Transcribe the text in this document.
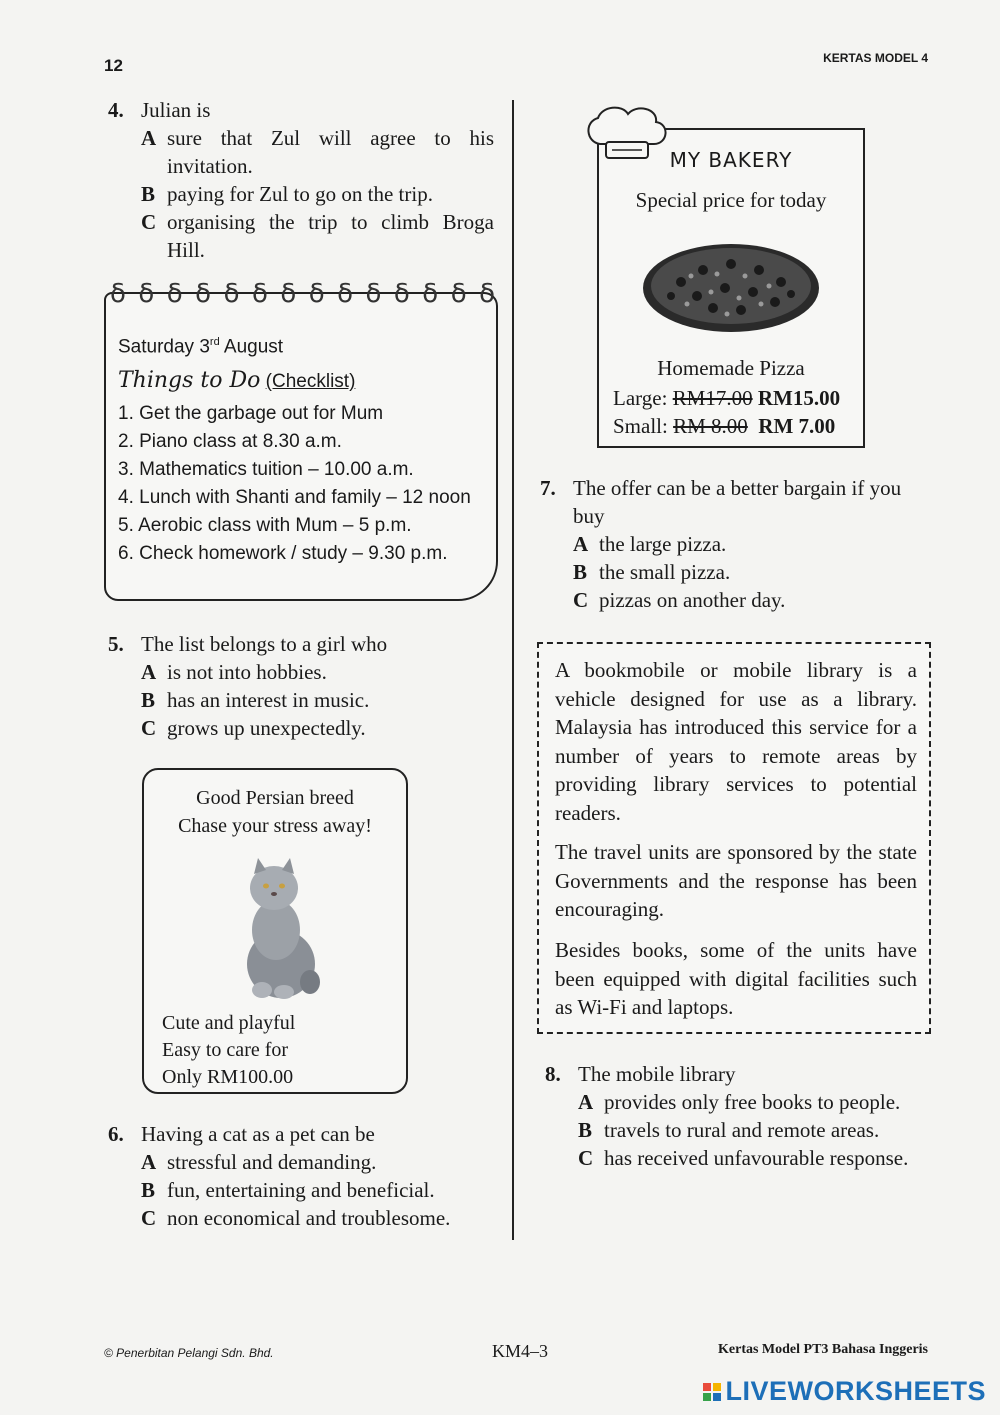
12	KERTAS MODEL 4
4. Julian is
A sure that Zul will agree to his invitation.
B paying for Zul to go on the trip.
C organising the trip to climb Broga Hill.
δ δ δ δ δ δ δ δ δ δ δ δ δ δ
Saturday 3rd August
Things to Do (Checklist)
1. Get the garbage out for Mum
2. Piano class at 8.30 a.m.
3. Mathematics tuition – 10.00 a.m.
4. Lunch with Shanti and family – 12 noon
5. Aerobic class with Mum – 5 p.m.
6. Check homework / study – 9.30 p.m.
5. The list belongs to a girl who
A is not into hobbies.
B has an interest in music.
C grows up unexpectedly.
Good Persian breed
Chase your stress away!
Cute and playful
Easy to care for
Only RM100.00
6. Having a cat as a pet can be
A stressful and demanding.
B fun, entertaining and beneficial.
C non economical and troublesome.
MY BAKERY
Special price for today
Homemade Pizza
Large: RM17.00 RM15.00
Small: RM 8.00 RM 7.00
7. The offer can be a better bargain if you buy
A the large pizza.
B the small pizza.
C pizzas on another day.
A bookmobile or mobile library is a vehicle designed for use as a library. Malaysia has introduced this service for a number of years to remote areas by providing library services to potential readers.
The travel units are sponsored by the state Governments and the response has been encouraging.
Besides books, some of the units have been equipped with digital facilities such as Wi-Fi and laptops.
8. The mobile library
A provides only free books to people.
B travels to rural and remote areas.
C has received unfavourable response.
© Penerbitan Pelangi Sdn. Bhd.	KM4–3	Kertas Model PT3 Bahasa Inggeris
LIVEWORKSHEETS
